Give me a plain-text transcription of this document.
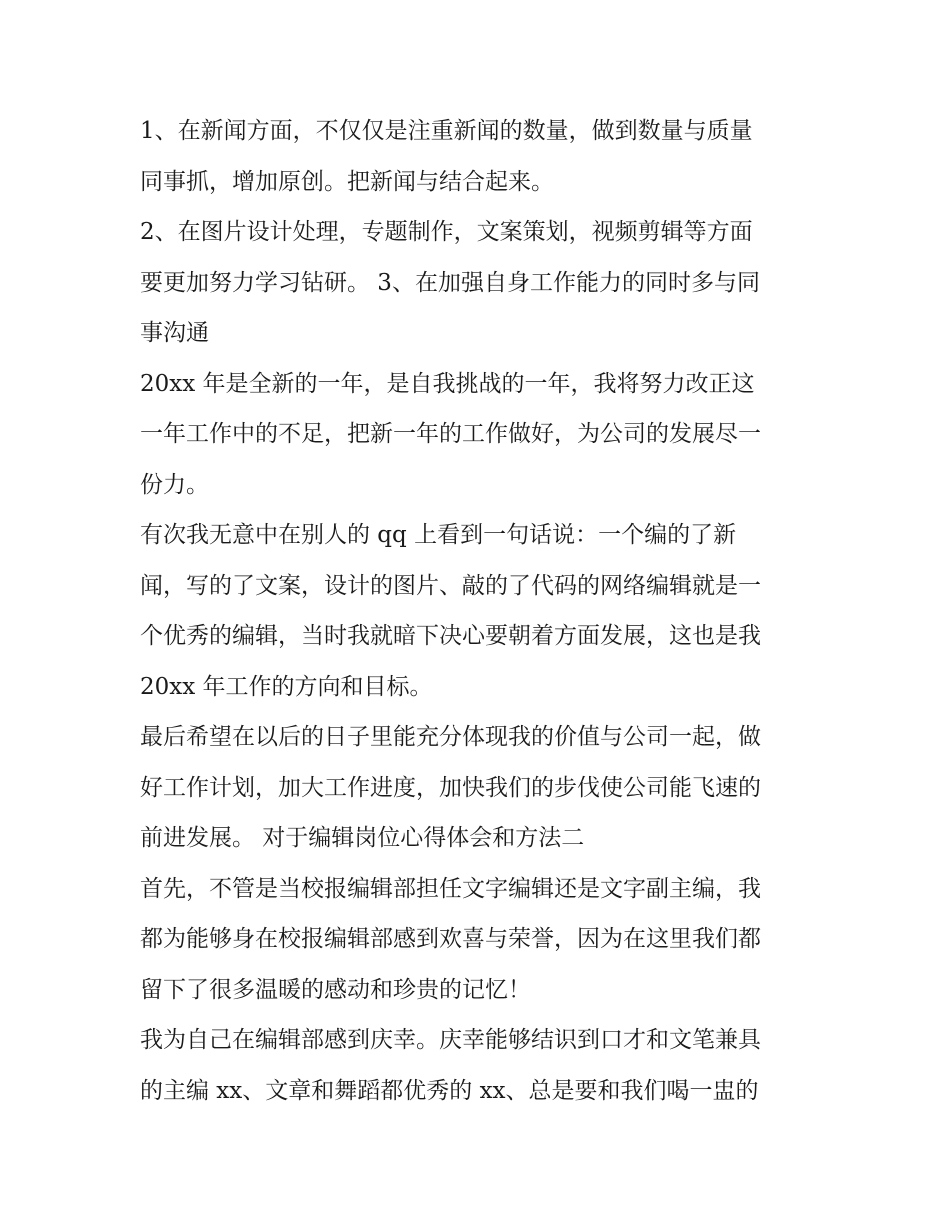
1、在新闻方面，不仅仅是注重新闻的数量，做到数量与质量
同事抓，增加原创。把新闻与结合起来。
2、在图片设计处理，专题制作，文案策划，视频剪辑等方面
要更加努力学习钻研。 3、在加强自身工作能力的同时多与同
事沟通
20xx 年是全新的一年，是自我挑战的一年，我将努力改正这
一年工作中的不足，把新一年的工作做好，为公司的发展尽一
份力。
有次我无意中在别人的 qq 上看到一句话说：一个编的了新
闻，写的了文案，设计的图片、敲的了代码的网络编辑就是一
个优秀的编辑，当时我就暗下决心要朝着方面发展，这也是我
20xx 年工作的方向和目标。
最后希望在以后的日子里能充分体现我的价值与公司一起，做
好工作计划，加大工作进度，加快我们的步伐使公司能飞速的
前进发展。 对于编辑岗位心得体会和方法二
首先，不管是当校报编辑部担任文字编辑还是文字副主编，我
都为能够身在校报编辑部感到欢喜与荣誉，因为在这里我们都
留下了很多温暖的感动和珍贵的记忆！
我为自己在编辑部感到庆幸。庆幸能够结识到口才和文笔兼具
的主编 xx、文章和舞蹈都优秀的 xx、总是要和我们喝一盅的
